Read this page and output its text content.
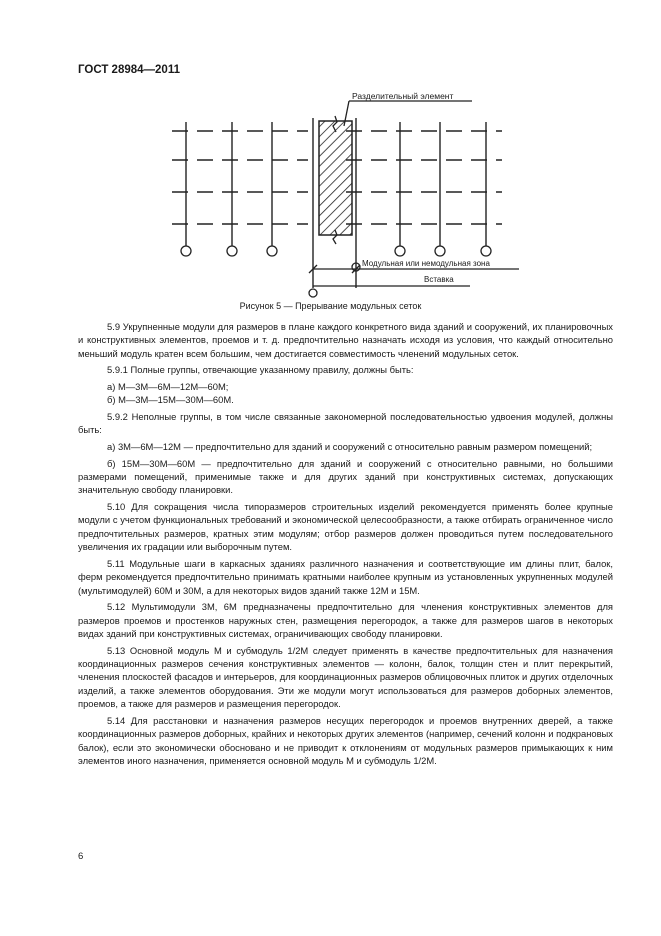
ГОСТ 28984—2011
Разделительный элемент
Модульная или немодульная зона
Вставка
Рисунок 5 — Прерывание модульных сеток

5.9 Укрупненные модули для размеров в плане каждого конкретного вида зданий и сооружений, их планировочных и конструктивных элементов, проемов и т. д. предпочтительно назначать исходя из условия, что каждый относительно меньший модуль кратен всем большим, чем достигается совместимость членений модульных сеток.

5.9.1 Полные группы, отвечающие указанному правилу, должны быть:

а) М—3М—6М—12М—60М;

б) М—3М—15М—30М—60М.

5.9.2 Неполные группы, в том числе связанные закономерной последовательностью удвоения модулей, должны быть:

а) 3М—6М—12М — предпочтительно для зданий и сооружений с относительно равным размером помещений;

б) 15М—30М—60М — предпочтительно для зданий и сооружений с относительно равными, но большими размерами помещений, применимые также и для других зданий при конструктивных системах, допускающих значительную свободу планировки.

5.10 Для сокращения числа типоразмеров строительных изделий рекомендуется применять более крупные модули с учетом функциональных требований и экономической целесообразности, а также отбирать ограниченное число предпочтительных размеров, кратных этим модулям; отбор размеров должен проводиться путем последовательного увеличения их градации или выборочным путем.

5.11 Модульные шаги в каркасных зданиях различного назначения и соответствующие им длины плит, балок, ферм рекомендуется предпочтительно принимать кратными наиболее крупным из установленных укрупненных модулей (мультимодулей) 60М и 30М, а для некоторых видов зданий также 12М и 15М.

5.12 Мультимодули 3М, 6М предназначены предпочтительно для членения конструктивных элементов для размеров проемов и простенков наружных стен, размещения перегородок, а также для размеров шагов в некоторых видах зданий при конструктивных системах, ограничивающих свободу планировки.

5.13 Основной модуль М и субмодуль 1/2М следует применять в качестве предпочтительных для назначения координационных размеров сечения конструктивных элементов — колонн, балок, толщин стен и плит перекрытий, членения плоскостей фасадов и интерьеров, для координационных размеров облицовочных плиток и других отделочных изделий, а также элементов оборудования. Эти же модули могут использоваться для размеров доборных элементов, проемов, а также для размеров и размещения перегородок.

5.14 Для расстановки и назначения размеров несущих перегородок и проемов внутренних дверей, а также координационных размеров доборных, крайних и некоторых других элементов (например, сечений колонн и подкрановых балок), если это экономически обосновано и не приводит к отклонениям от модульных размеров примыкающих к ним элементов иного назначения, применяется основной модуль М и субмодуль 1/2М.

6
